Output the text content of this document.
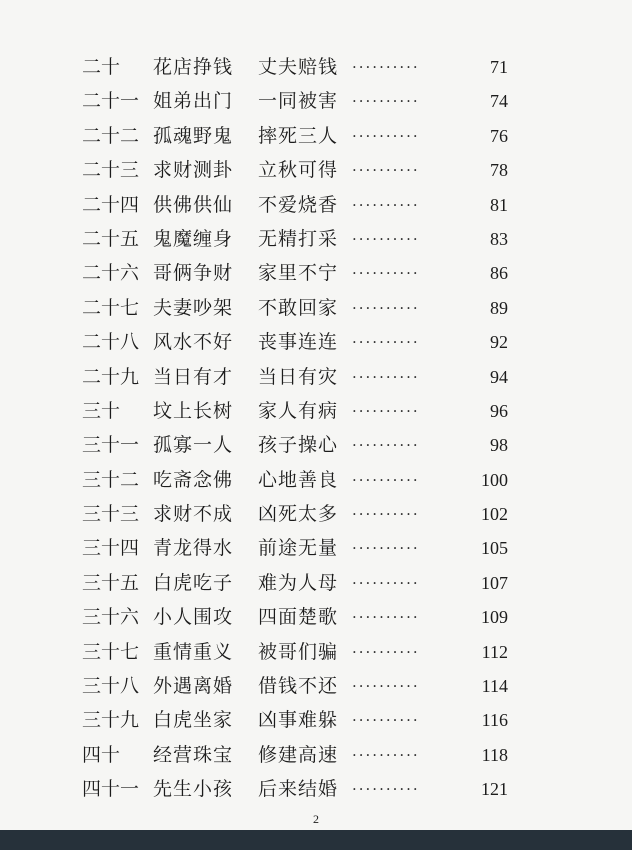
二十 花店挣钱 丈夫赔钱 ··········	71
二十一 姐弟出门 一同被害 ··········	74
二十二 孤魂野鬼 摔死三人 ··········	76
二十三 求财测卦 立秋可得 ··········	78
二十四 供佛供仙 不爱烧香 ··········	81
二十五 鬼魔缠身 无精打采 ··········	83
二十六 哥俩争财 家里不宁 ··········	86
二十七 夫妻吵架 不敢回家 ··········	89
二十八 风水不好 丧事连连 ··········	92
二十九 当日有才 当日有灾 ··········	94
三十 坟上长树 家人有病 ··········	96
三十一 孤寡一人 孩子操心 ··········	98
三十二 吃斋念佛 心地善良 ··········	100
三十三 求财不成 凶死太多 ··········	102
三十四 青龙得水 前途无量 ··········	105
三十五 白虎吃子 难为人母 ··········	107
三十六 小人围攻 四面楚歌 ··········	109
三十七 重情重义 被哥们骗 ··········	112
三十八 外遇离婚 借钱不还 ··········	114
三十九 白虎坐家 凶事难躲 ··········	116
四十 经营珠宝 修建高速 ··········	118
四十一 先生小孩 后来结婚 ··········	121
2
